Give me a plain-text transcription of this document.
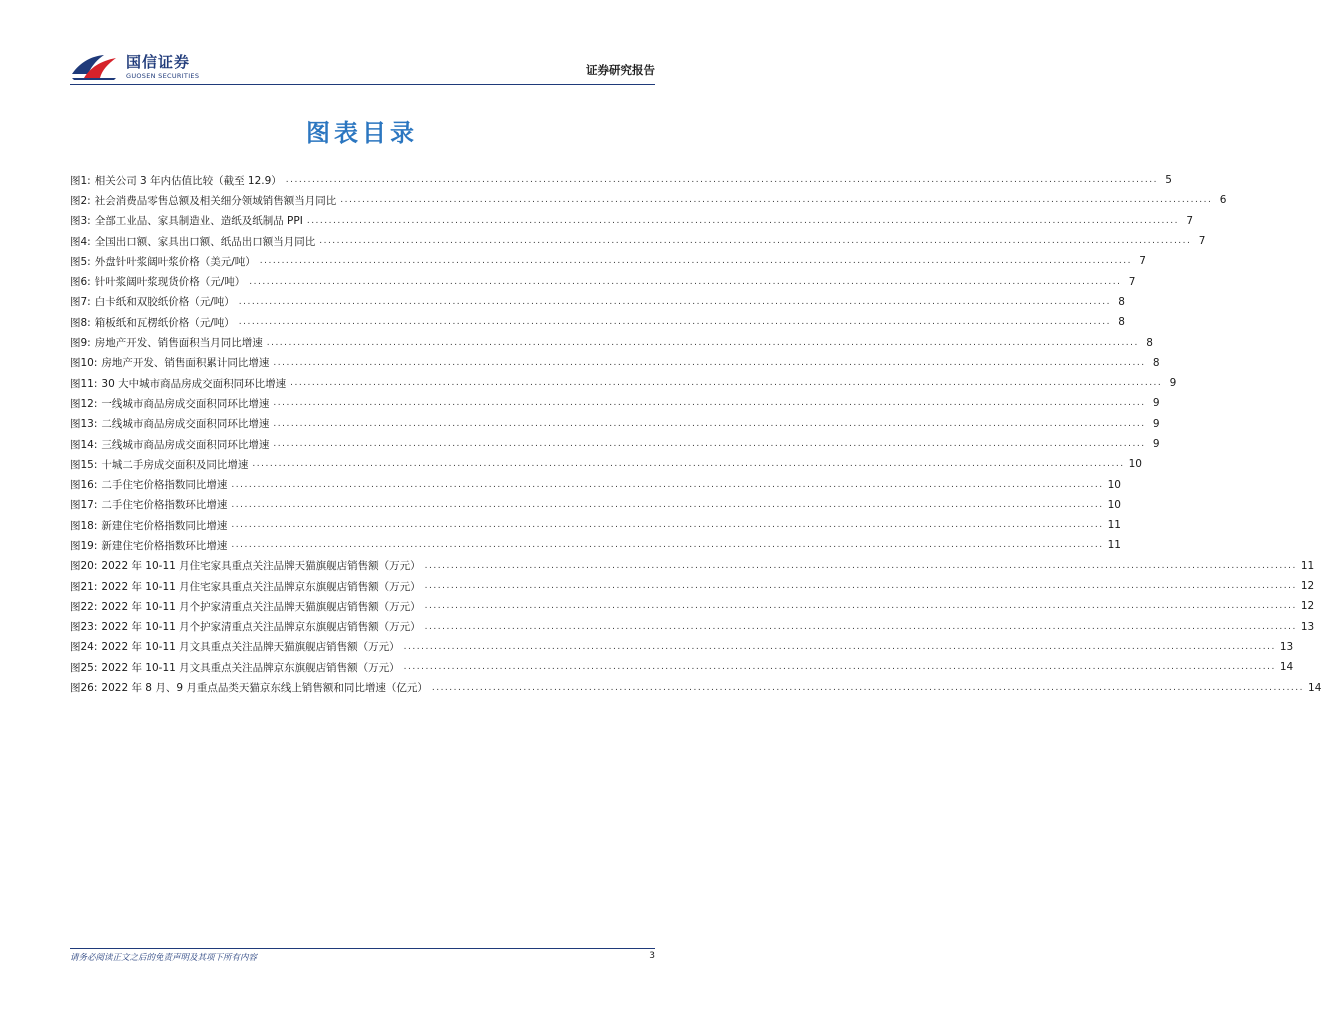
国信证券
GUOSEN SECURITIES	证券研究报告
图表目录
图1: 相关公司 3 年内估值比较（截至 12.9） ........................................................................................................................................................................................................ 5
图2: 社会消费品零售总额及相关细分领域销售额当月同比 ........................................................................................................................................................................................................ 6
图3: 全部工业品、家具制造业、造纸及纸制品 PPI ........................................................................................................................................................................................................ 7
图4: 全国出口额、家具出口额、纸品出口额当月同比 ........................................................................................................................................................................................................ 7
图5: 外盘针叶浆阔叶浆价格（美元/吨） ........................................................................................................................................................................................................ 7
图6: 针叶浆阔叶浆现货价格（元/吨） ........................................................................................................................................................................................................ 7
图7: 白卡纸和双胶纸价格（元/吨） ........................................................................................................................................................................................................ 8
图8: 箱板纸和瓦楞纸价格（元/吨） ........................................................................................................................................................................................................ 8
图9: 房地产开发、销售面积当月同比增速 ........................................................................................................................................................................................................ 8
图10: 房地产开发、销售面积累计同比增速 ........................................................................................................................................................................................................ 8
图11: 30 大中城市商品房成交面积同环比增速 ........................................................................................................................................................................................................ 9
图12: 一线城市商品房成交面积同环比增速 ........................................................................................................................................................................................................ 9
图13: 二线城市商品房成交面积同环比增速 ........................................................................................................................................................................................................ 9
图14: 三线城市商品房成交面积同环比增速 ........................................................................................................................................................................................................ 9
图15: 十城二手房成交面积及同比增速 ........................................................................................................................................................................................................ 10
图16: 二手住宅价格指数同比增速 ........................................................................................................................................................................................................ 10
图17: 二手住宅价格指数环比增速 ........................................................................................................................................................................................................ 10
图18: 新建住宅价格指数同比增速 ........................................................................................................................................................................................................ 11
图19: 新建住宅价格指数环比增速 ........................................................................................................................................................................................................ 11
图20: 2022 年 10-11 月住宅家具重点关注品牌天猫旗舰店销售额（万元） ........................................................................................................................................................................................................ 11
图21: 2022 年 10-11 月住宅家具重点关注品牌京东旗舰店销售额（万元） ........................................................................................................................................................................................................ 12
图22: 2022 年 10-11 月个护家清重点关注品牌天猫旗舰店销售额（万元） ........................................................................................................................................................................................................ 12
图23: 2022 年 10-11 月个护家清重点关注品牌京东旗舰店销售额（万元） ........................................................................................................................................................................................................ 13
图24: 2022 年 10-11 月文具重点关注品牌天猫旗舰店销售额（万元） ........................................................................................................................................................................................................ 13
图25: 2022 年 10-11 月文具重点关注品牌京东旗舰店销售额（万元） ........................................................................................................................................................................................................ 14
图26: 2022 年 8 月、9 月重点品类天猫京东线上销售额和同比增速（亿元） ........................................................................................................................................................................................................ 14
请务必阅读正文之后的免责声明及其项下所有内容	3
